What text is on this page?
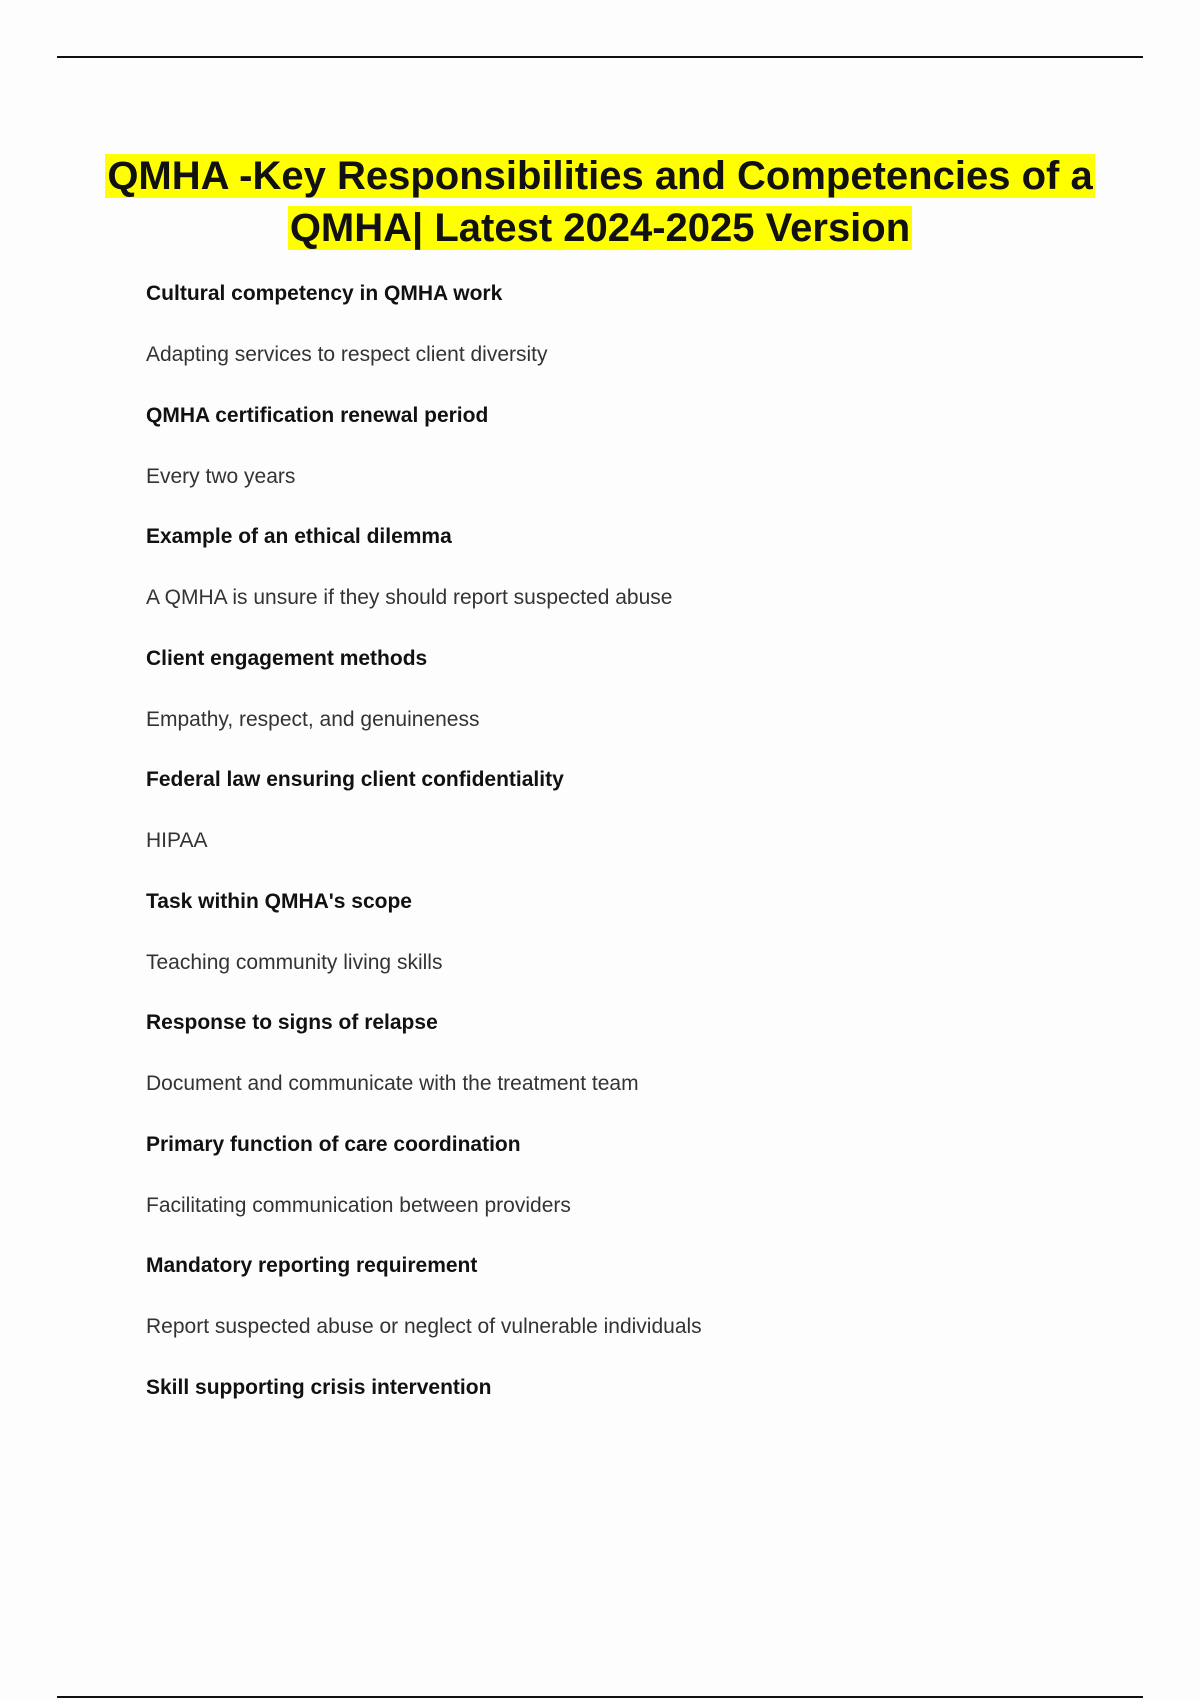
QMHA -Key Responsibilities and Competencies of a QMHA| Latest 2024-2025 Version

Cultural competency in QMHA work

Adapting services to respect client diversity

QMHA certification renewal period

Every two years

Example of an ethical dilemma

A QMHA is unsure if they should report suspected abuse

Client engagement methods

Empathy, respect, and genuineness

Federal law ensuring client confidentiality

HIPAA

Task within QMHA's scope

Teaching community living skills

Response to signs of relapse

Document and communicate with the treatment team

Primary function of care coordination

Facilitating communication between providers

Mandatory reporting requirement

Report suspected abuse or neglect of vulnerable individuals

Skill supporting crisis intervention
